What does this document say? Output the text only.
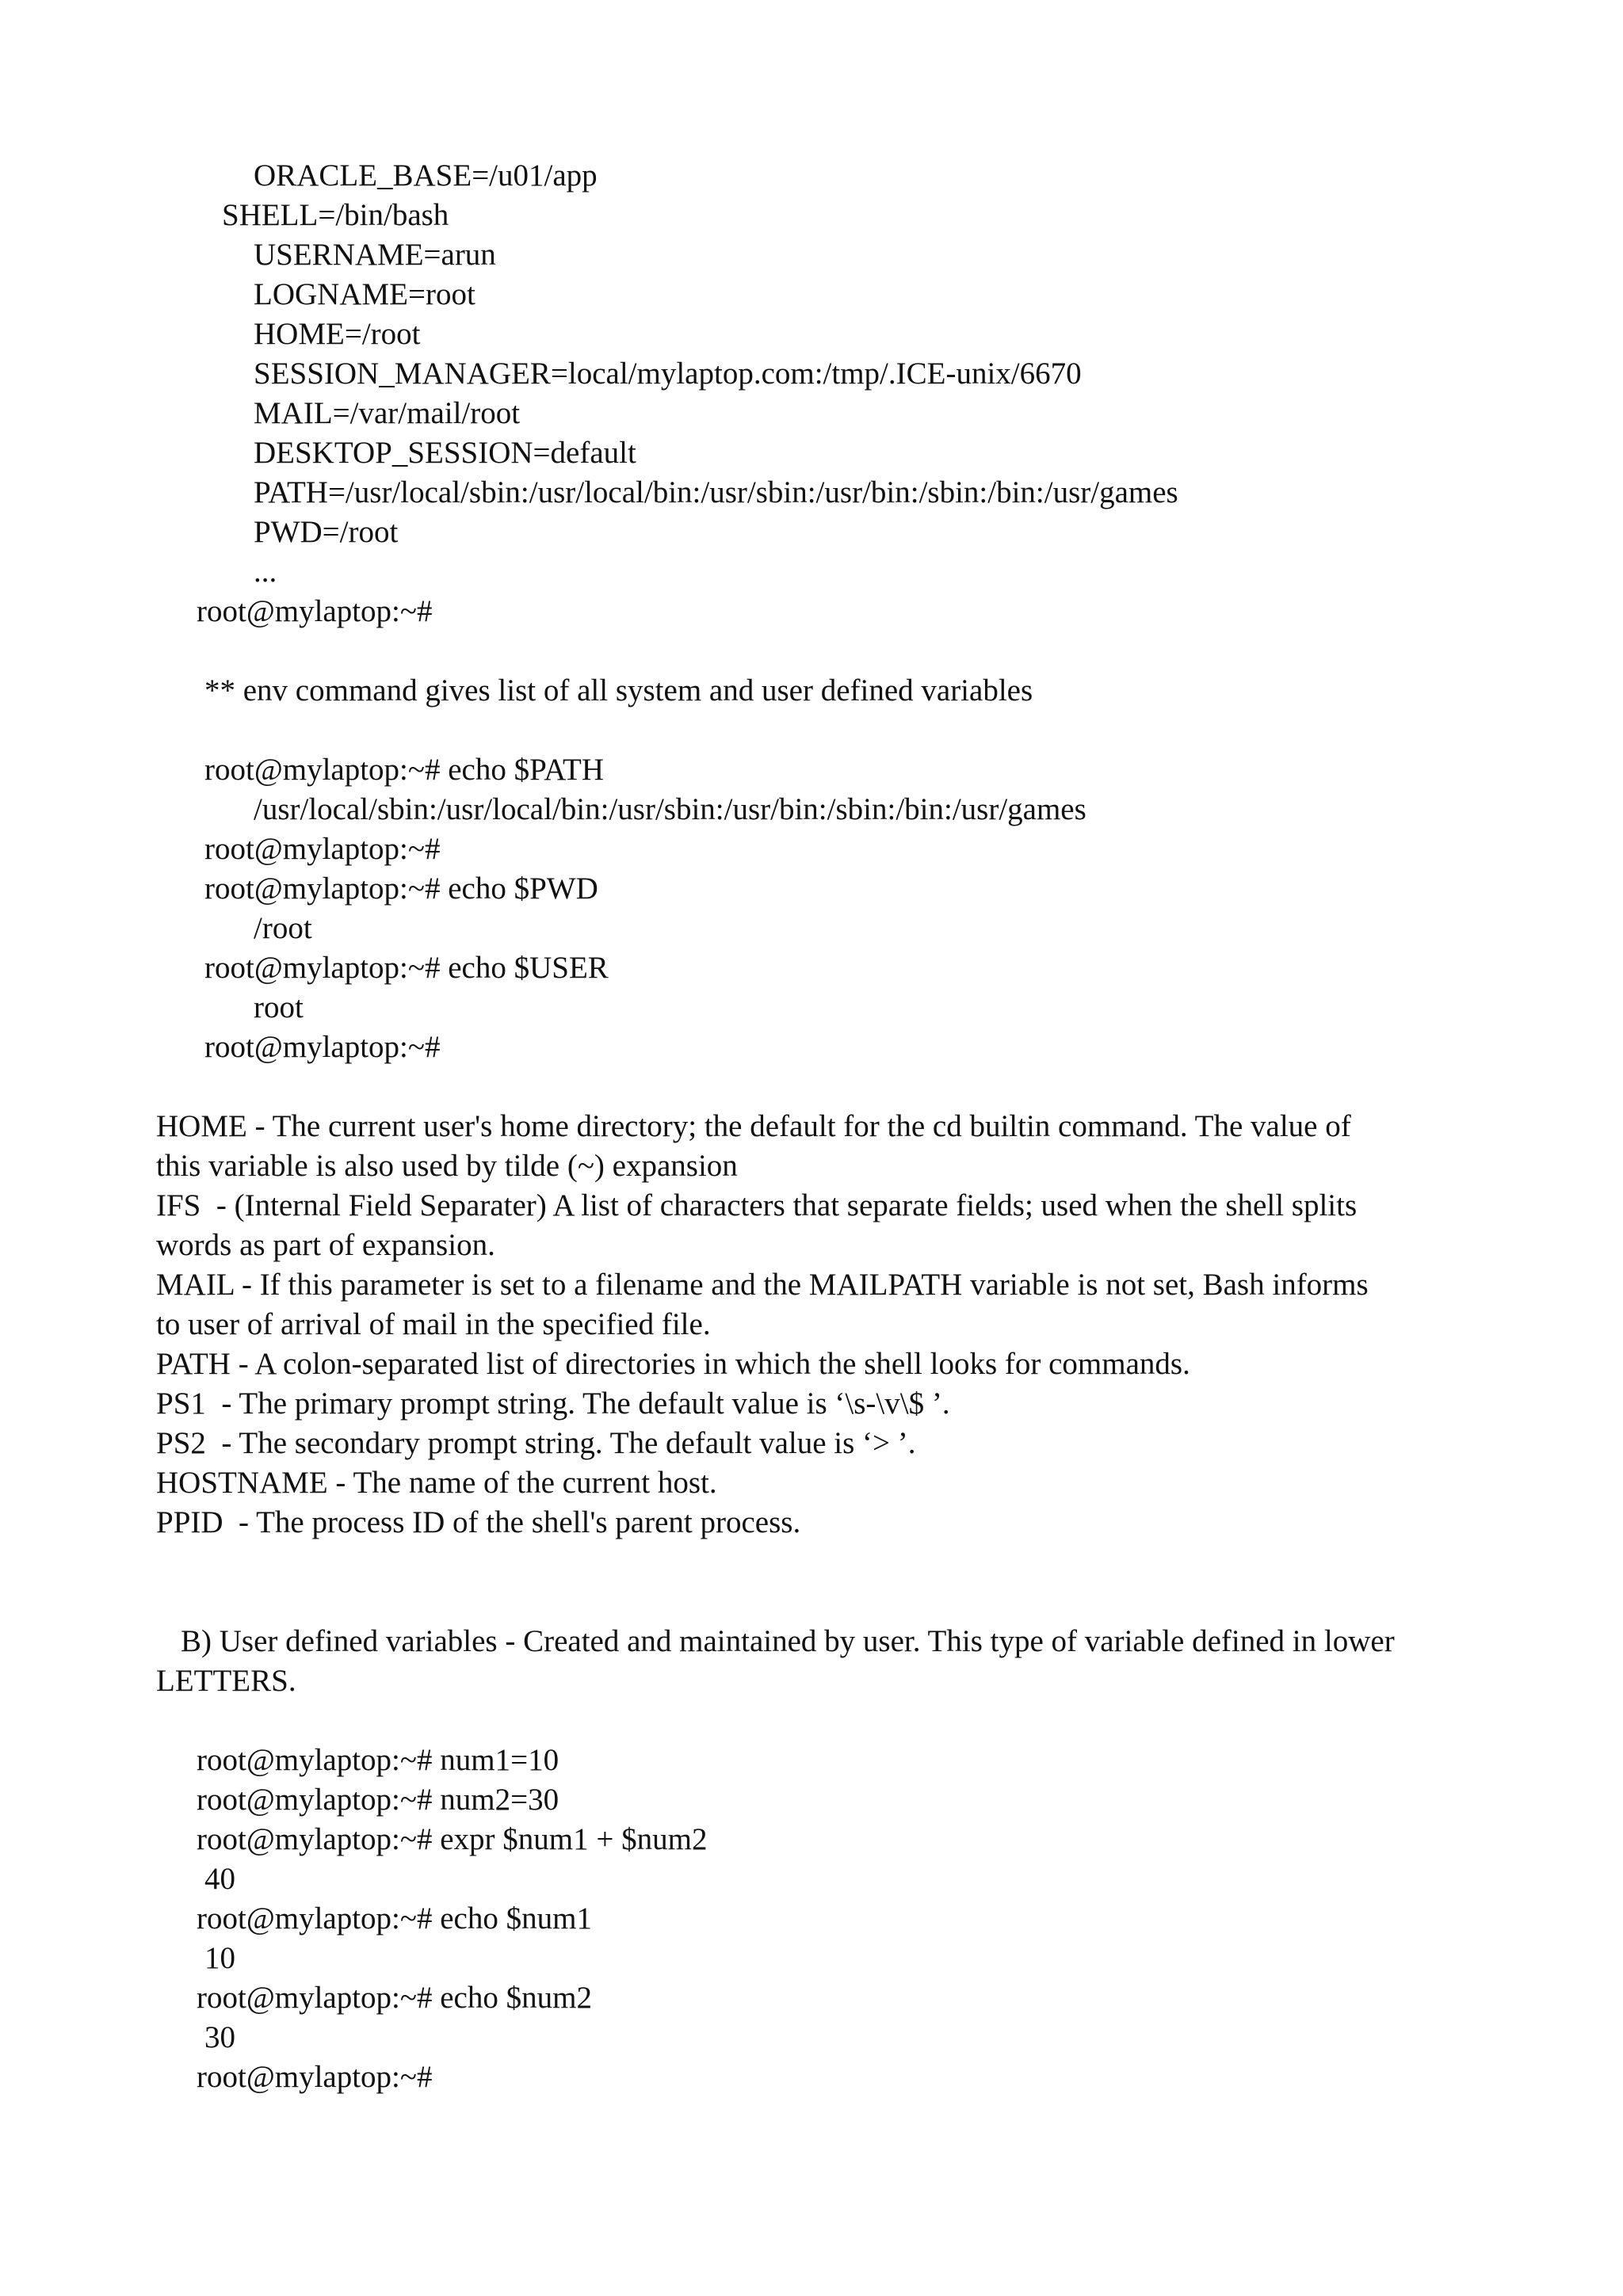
ORACLE_BASE=/u01/app
SHELL=/bin/bash
USERNAME=arun
LOGNAME=root
HOME=/root
SESSION_MANAGER=local/mylaptop.com:/tmp/.ICE-unix/6670
MAIL=/var/mail/root
DESKTOP_SESSION=default
PATH=/usr/local/sbin:/usr/local/bin:/usr/sbin:/usr/bin:/sbin:/bin:/usr/games
PWD=/root
...
root@mylaptop:~#
** env command gives list of all system and user defined variables
root@mylaptop:~# echo $PATH
/usr/local/sbin:/usr/local/bin:/usr/sbin:/usr/bin:/sbin:/bin:/usr/games
root@mylaptop:~#
root@mylaptop:~# echo $PWD
/root
root@mylaptop:~# echo $USER
root
root@mylaptop:~#
HOME - The current user's home directory; the default for the cd builtin command. The value of
this variable is also used by tilde (~) expansion
IFS  - (Internal Field Separater) A list of characters that separate fields; used when the shell splits
words as part of expansion.
MAIL - If this parameter is set to a filename and the MAILPATH variable is not set, Bash informs
to user of arrival of mail in the specified file.
PATH - A colon-separated list of directories in which the shell looks for commands.
PS1  - The primary prompt string. The default value is ‘\s-\v\$ ’.
PS2  - The secondary prompt string. The default value is ‘> ’.
HOSTNAME - The name of the current host.
PPID  - The process ID of the shell's parent process.
B) User defined variables - Created and maintained by user. This type of variable defined in lower
LETTERS.
root@mylaptop:~# num1=10
root@mylaptop:~# num2=30
root@mylaptop:~# expr $num1 + $num2
40
root@mylaptop:~# echo $num1
10
root@mylaptop:~# echo $num2
30
root@mylaptop:~#
